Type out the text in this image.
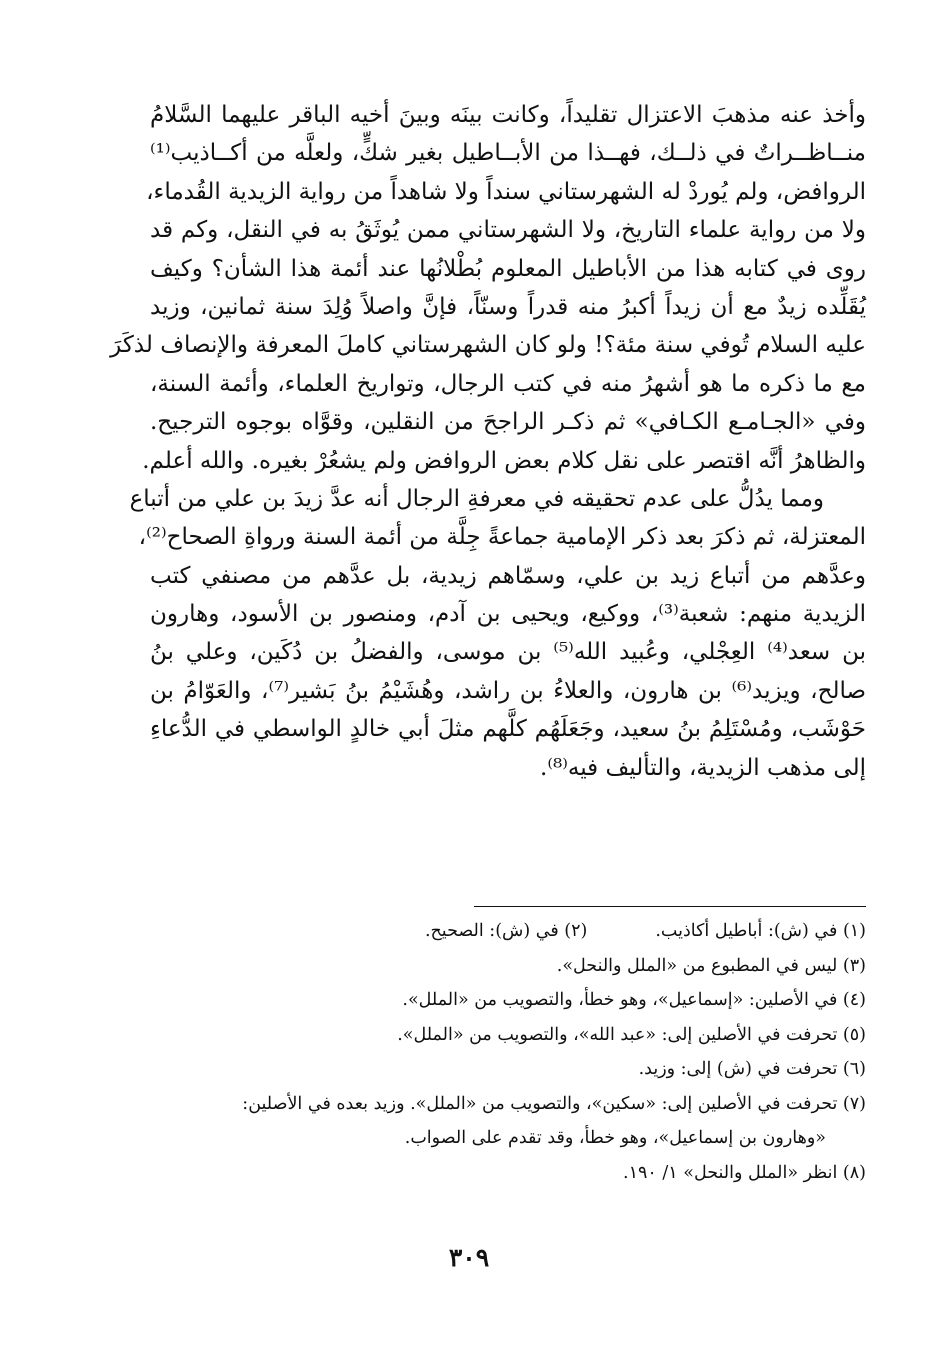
وأخذ عنه مذهبَ الاعتزال تقليداً، وكانت بينَه وبينَ أخيه الباقر عليهما السَّلامُ
منــاظــراتٌ في ذلــك، فهــذا من الأبــاطيل بغير شكٍّ، ولعلَّه من أكــاذيب⁽¹⁾
الروافض، ولم يُوردْ له الشهرستاني سنداً ولا شاهداً من رواية الزيدية القُدماء،
ولا من رواية علماء التاريخ، ولا الشهرستاني ممن يُوثَقُ به في النقل، وكم قد
روى في كتابه هذا من الأباطيل المعلوم بُطْلانُها عند أئمة هذا الشأن؟ وكيف
يُقَلِّده زيدٌ مع أن زيداً أكبرُ منه قدراً وسنّاً، فإنَّ واصلاً وُلِدَ سنة ثمانين، وزيد
عليه السلام تُوفي سنة مئة؟! ولو كان الشهرستاني كاملَ المعرفة والإنصاف لذكَرَ
مع ما ذكره ما هو أشهرُ منه في كتب الرجال، وتواريخ العلماء، وأئمة السنة،
وفي «الجـامـع الكـافي» ثم ذكـر الراجحَ من النقلين، وقوَّاه بوجوه الترجيح.
والظاهرُ أنَّه اقتصر على نقل كلام بعض الروافض ولم يشعُرْ بغيره. والله أعلم.
ومما يدُلُّ على عدم تحقيقه في معرفةِ الرجال أنه عدَّ زيدَ بن علي من أتباع
المعتزلة، ثم ذكرَ بعد ذكر الإمامية جماعةً جِلَّة من أئمة السنة ورواةِ الصحاح⁽²⁾،
وعدَّهم من أتباع زيد بن علي، وسمّاهم زيدية، بل عدَّهم من مصنفي كتب
الزيدية منهم: شعبة⁽³⁾، ووكيع، ويحيى بن آدم، ومنصور بن الأسود، وهارون
بن سعد⁽⁴⁾ العِجْلي، وعُبيد الله⁽⁵⁾ بن موسى، والفضلُ بن دُكَين، وعلي بنُ
صالح، ويزيد⁽⁶⁾ بن هارون، والعلاءُ بن راشد، وهُشَيْمُ بنُ بَشير⁽⁷⁾، والعَوّامُ بن
حَوْشَب، ومُسْتَلِمُ بنُ سعيد، وجَعَلَهُم كلَّهم مثلَ أبي خالدٍ الواسطي في الدُّعاءِ
إلى مذهب الزيدية، والتأليف فيه⁽⁸⁾.
(١) في (ش): أباطيل أكاذيب.
(٢) في (ش): الصحيح.
(٣) ليس في المطبوع من «الملل والنحل».
(٤) في الأصلين: «إسماعيل»، وهو خطأ، والتصويب من «الملل».
(٥) تحرفت في الأصلين إلى: «عبد الله»، والتصويب من «الملل».
(٦) تحرفت في (ش) إلى: وزيد.
(٧) تحرفت في الأصلين إلى: «سكين»، والتصويب من «الملل». وزيد بعده في الأصلين:
«وهارون بن إسماعيل»، وهو خطأ، وقد تقدم على الصواب.
(٨) انظر «الملل والنحل» ١/ ١٩٠.
٣٠٩
